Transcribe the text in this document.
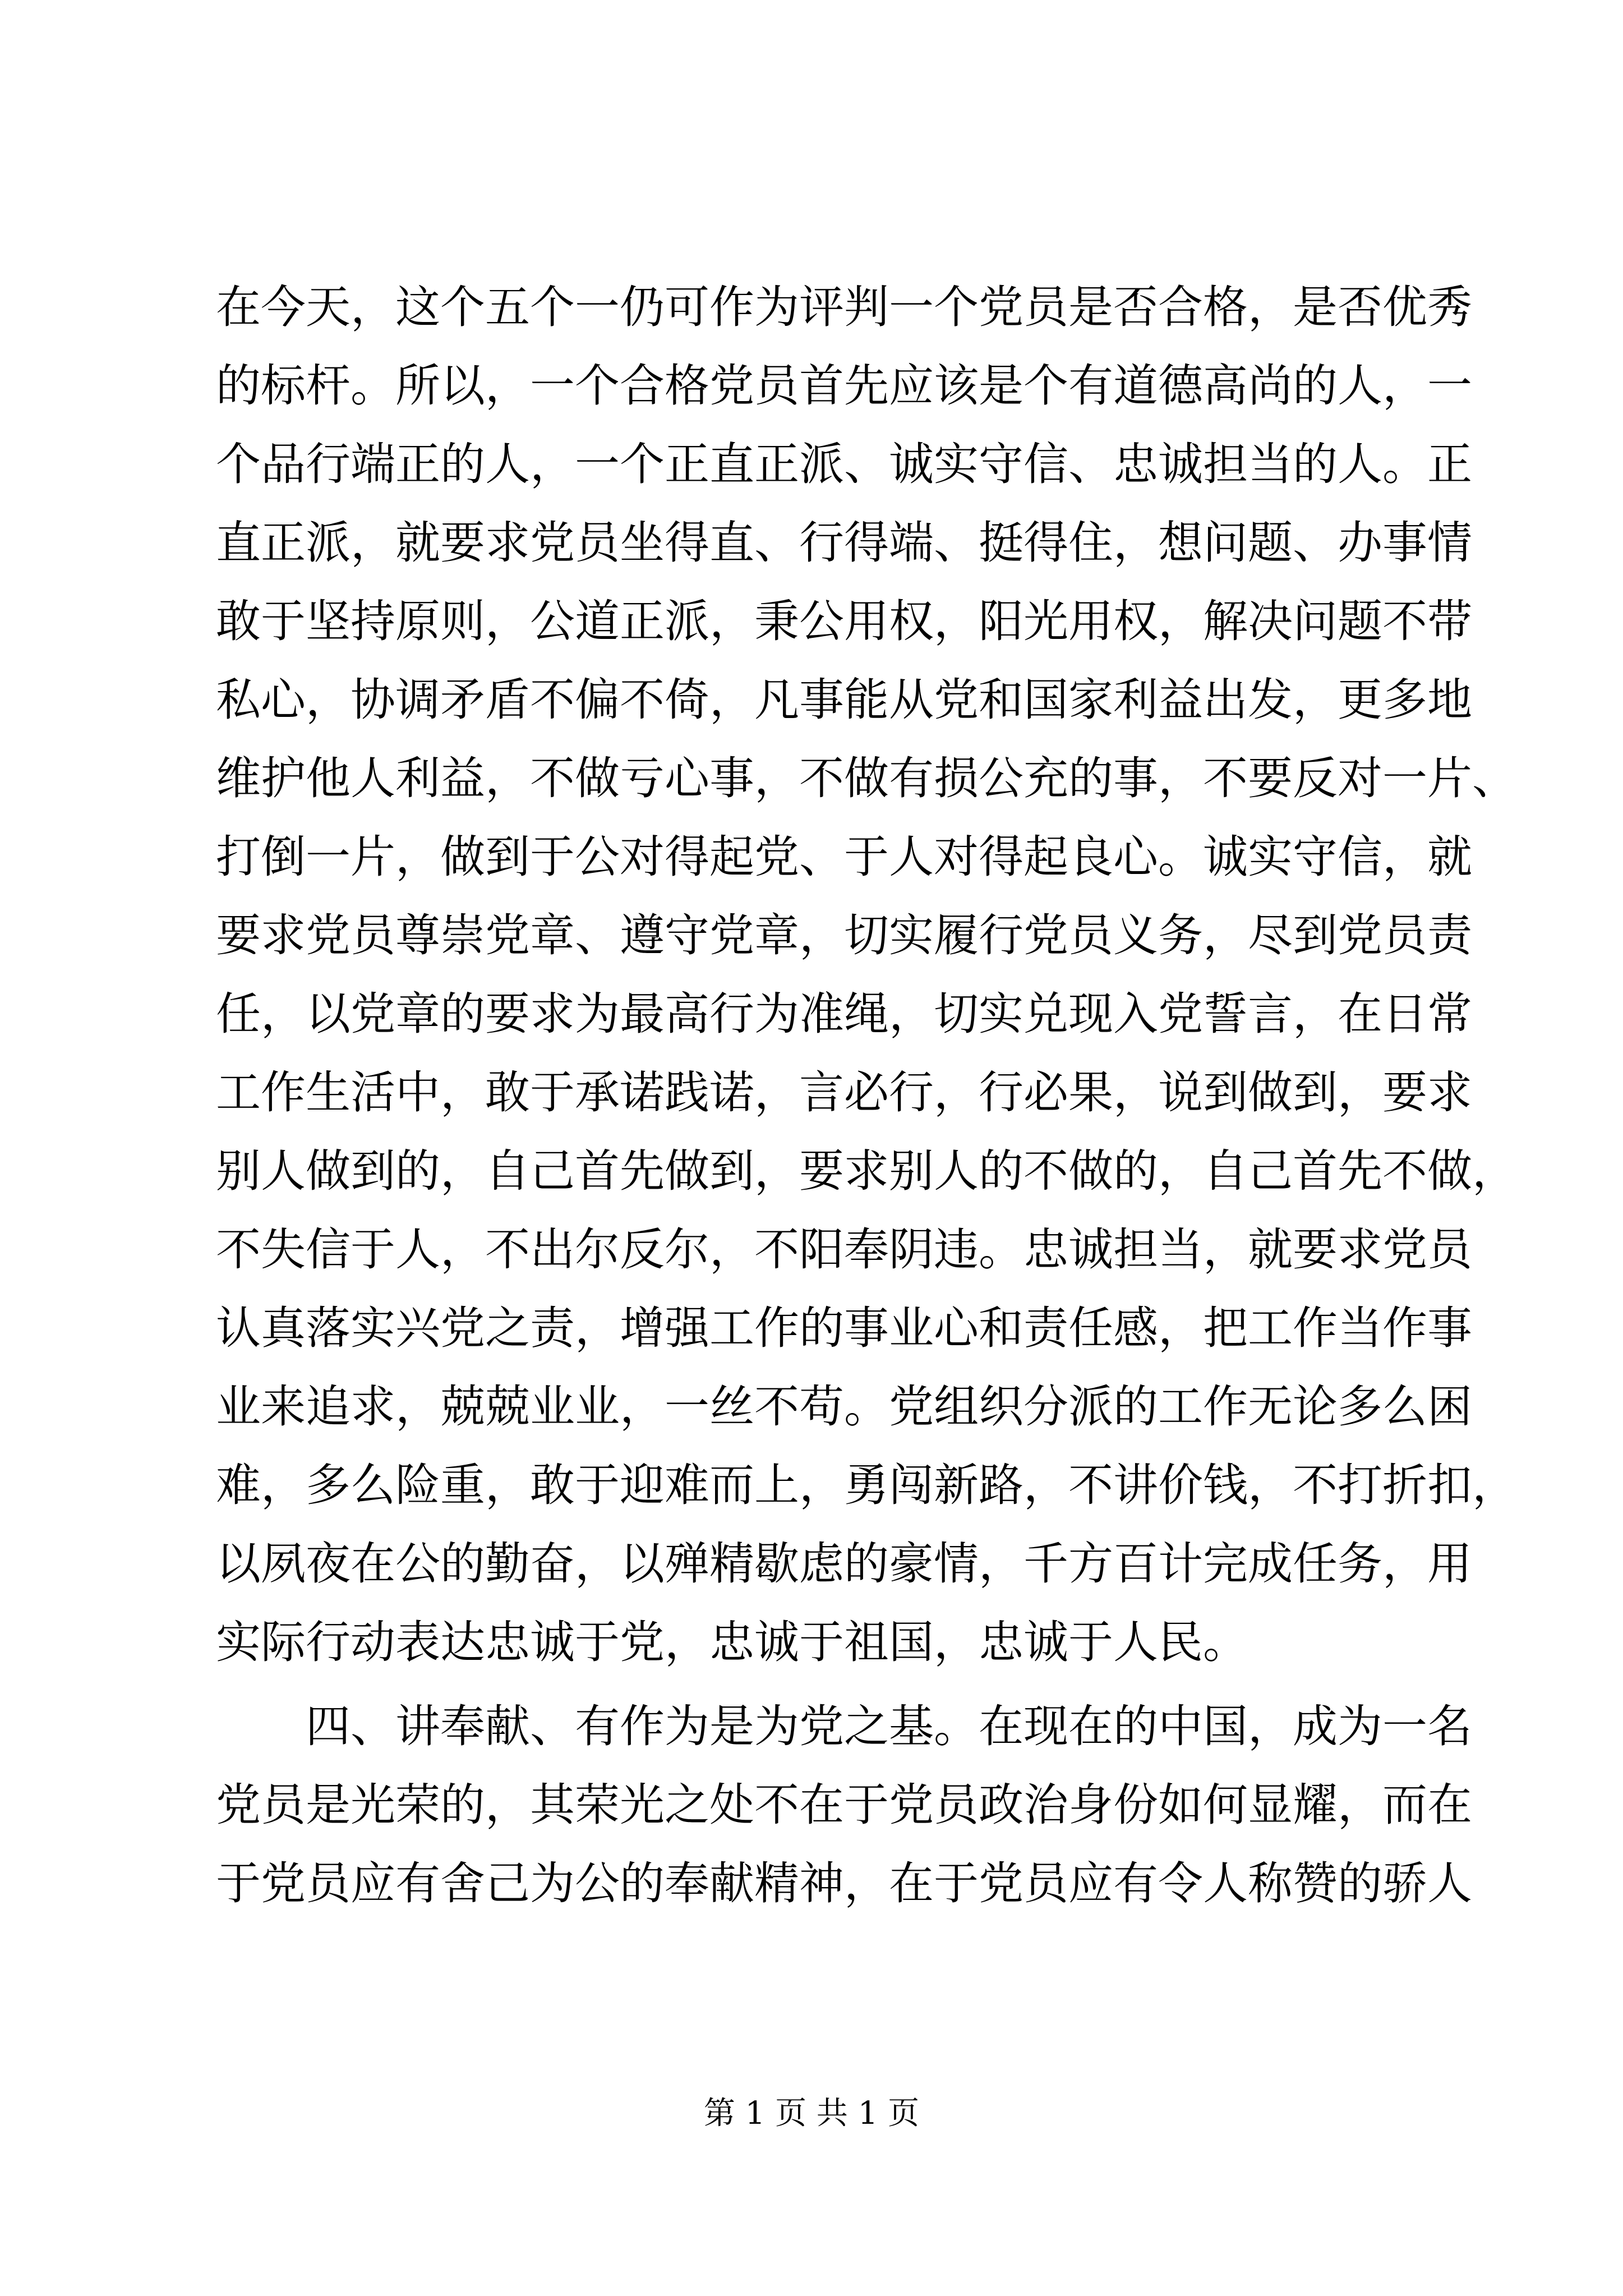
在今天，这个五个一仍可作为评判一个党员是否合格，是否优秀
的标杆。所以，一个合格党员首先应该是个有道德高尚的人，一
个品行端正的人，一个正直正派、诚实守信、忠诚担当的人。正
直正派，就要求党员坐得直、行得端、挺得住，想问题、办事情
敢于坚持原则，公道正派，秉公用权，阳光用权，解决问题不带
私心，协调矛盾不偏不倚，凡事能从党和国家利益出发，更多地
维护他人利益，不做亏心事，不做有损公充的事，不要反对一片、
打倒一片，做到于公对得起党、于人对得起良心。诚实守信，就
要求党员尊崇党章、遵守党章，切实履行党员义务，尽到党员责
任，以党章的要求为最高行为准绳，切实兑现入党誓言，在日常
工作生活中，敢于承诺践诺，言必行，行必果，说到做到，要求
别人做到的，自己首先做到，要求别人的不做的，自己首先不做，
不失信于人，不出尔反尔，不阳奉阴违。忠诚担当，就要求党员
认真落实兴党之责，增强工作的事业心和责任感，把工作当作事
业来追求，兢兢业业，一丝不苟。党组织分派的工作无论多么困
难，多么险重，敢于迎难而上，勇闯新路，不讲价钱，不打折扣，
以夙夜在公的勤奋，以殚精歇虑的豪情，千方百计完成任务，用
实际行动表达忠诚于党，忠诚于祖国，忠诚于人民。
四、讲奉献、有作为是为党之基。在现在的中国，成为一名
党员是光荣的，其荣光之处不在于党员政治身份如何显耀，而在
于党员应有舍己为公的奉献精神，在于党员应有令人称赞的骄人
第 1 页 共 1 页
